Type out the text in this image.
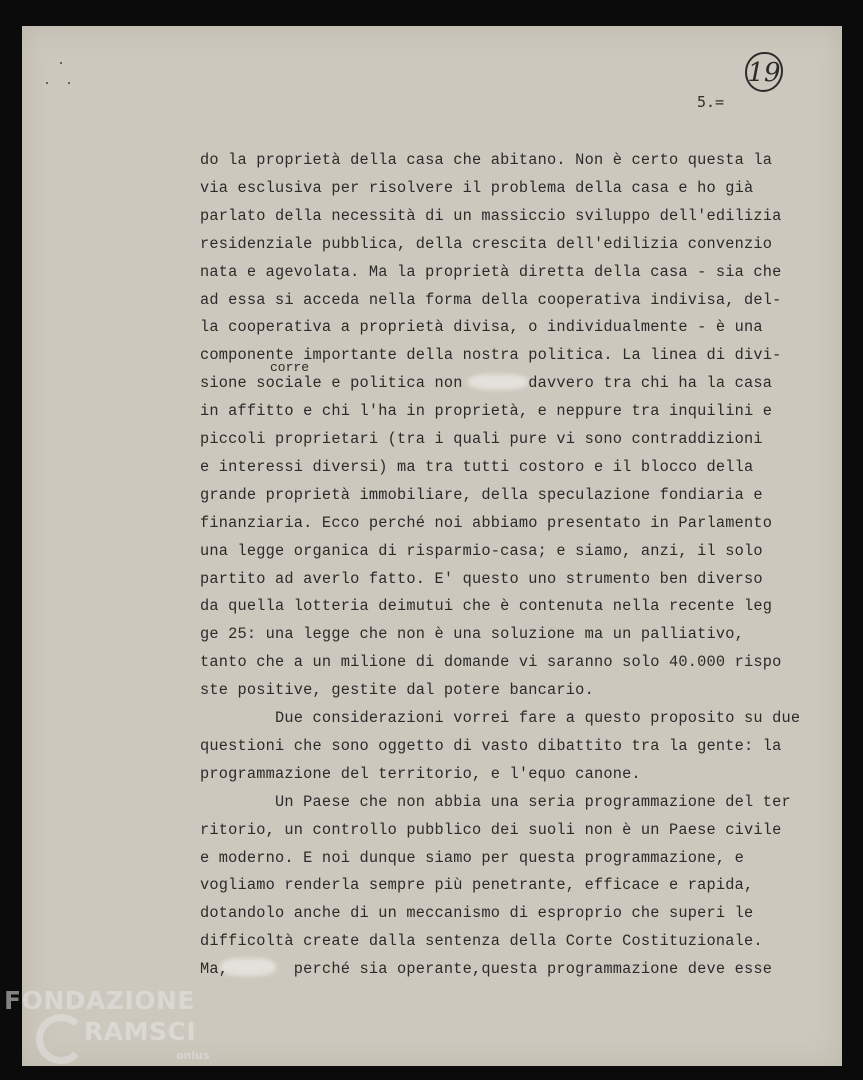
19
5.=
corre
do la proprietà della casa che abitano. Non è certo questa la
via esclusiva per risolvere il problema della casa e ho già
parlato della necessità di un massiccio sviluppo dell'edilizia
residenziale pubblica, della crescita dell'edilizia convenzio
nata e agevolata. Ma la proprietà diretta della casa - sia che
ad essa si acceda nella forma della cooperativa indivisa, del-
la cooperativa a proprietà divisa, o individualmente - è una
componente importante della nostra politica. La linea di divi-
sione sociale e politica non       davvero tra chi ha la casa
in affitto e chi l'ha in proprietà, e neppure tra inquilini e
piccoli proprietari (tra i quali pure vi sono contraddizioni
e interessi diversi) ma tra tutti costoro e il blocco della
grande proprietà immobiliare, della speculazione fondiaria e
finanziaria. Ecco perché noi abbiamo presentato in Parlamento
una legge organica di risparmio-casa; e siamo, anzi, il solo
partito ad averlo fatto. E' questo uno strumento ben diverso
da quella lotteria deimutui che è contenuta nella recente leg
ge 25: una legge che non è una soluzione ma un palliativo,
tanto che a un milione di domande vi saranno solo 40.000 rispo
ste positive, gestite dal potere bancario.
Due considerazioni vorrei fare a questo proposito su due
questioni che sono oggetto di vasto dibattito tra la gente: la
programmazione del territorio, e l'equo canone.
Un Paese che non abbia una seria programmazione del ter
ritorio, un controllo pubblico dei suoli non è un Paese civile
e moderno. E noi dunque siamo per questa programmazione, e
vogliamo renderla sempre più penetrante, efficace e rapida,
dotandolo anche di un meccanismo di esproprio che superi le
difficoltà create dalla sentenza della Corte Costituzionale.
Ma,       perché sia operante,questa programmazione deve esse
FONDAZIONE
RAMSCI
onlus
